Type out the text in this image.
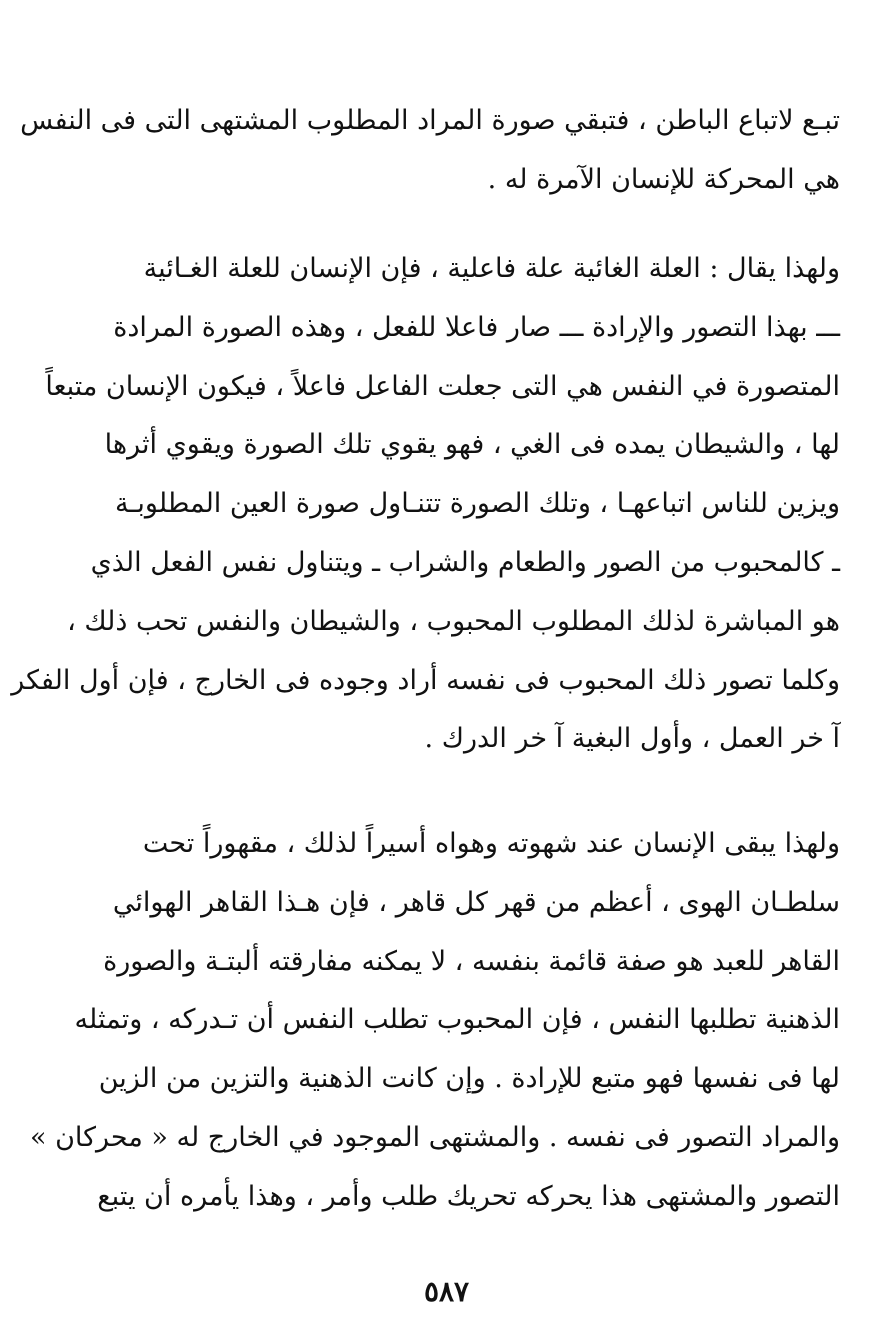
تبـع لاتباع الباطن ، فتبقي صورة المراد المطلوب المشتهى التى فى النفس
هي المحركة للإنسان الآمرة له .
ولهذا يقال : العلة الغائية علة فاعلية ، فإن الإنسان للعلة الغـائية
ـــ بهذا التصور والإرادة ـــ صار فاعلا للفعل ، وهذه الصورة المرادة
المتصورة في النفس هي التى جعلت الفاعل فاعلاً ، فيكون الإنسان متبعاً
لها ، والشيطان يمده فى الغي ، فهو يقوي تلك الصورة ويقوي أثرها
ويزين للناس اتباعهـا ، وتلك الصورة تتنـاول صورة العين المطلوبـة
ـ كالمحبوب من الصور والطعام والشراب ـ ويتناول نفس الفعل الذي
هو المباشرة لذلك المطلوب المحبوب ، والشيطان والنفس تحب ذلك ،
وكلما تصور ذلك المحبوب فى نفسه أراد وجوده فى الخارج ، فإن أول الفكر
آ خر العمل ، وأول البغية آ خر الدرك .
ولهذا يبقى الإنسان عند شهوته وهواه أسيراً لذلك ، مقهوراً تحت
سلطـان الهوى ، أعظم من قهر كل قاهر ، فإن هـذا القاهر الهوائي
القاهر للعبد هو صفة قائمة بنفسه ، لا يمكنه مفارقته ألبتـة والصورة
الذهنية تطلبها النفس ، فإن المحبوب تطلب النفس أن تـدركه ، وتمثله
لها فى نفسها فهو متبع للإرادة . وإن كانت الذهنية والتزين من الزين
والمراد التصور فى نفسه . والمشتهى الموجود في الخارج له « محركان »
التصور والمشتهى هذا يحركه تحريك طلب وأمر ، وهذا يأمره أن يتبع
٥٨٧
